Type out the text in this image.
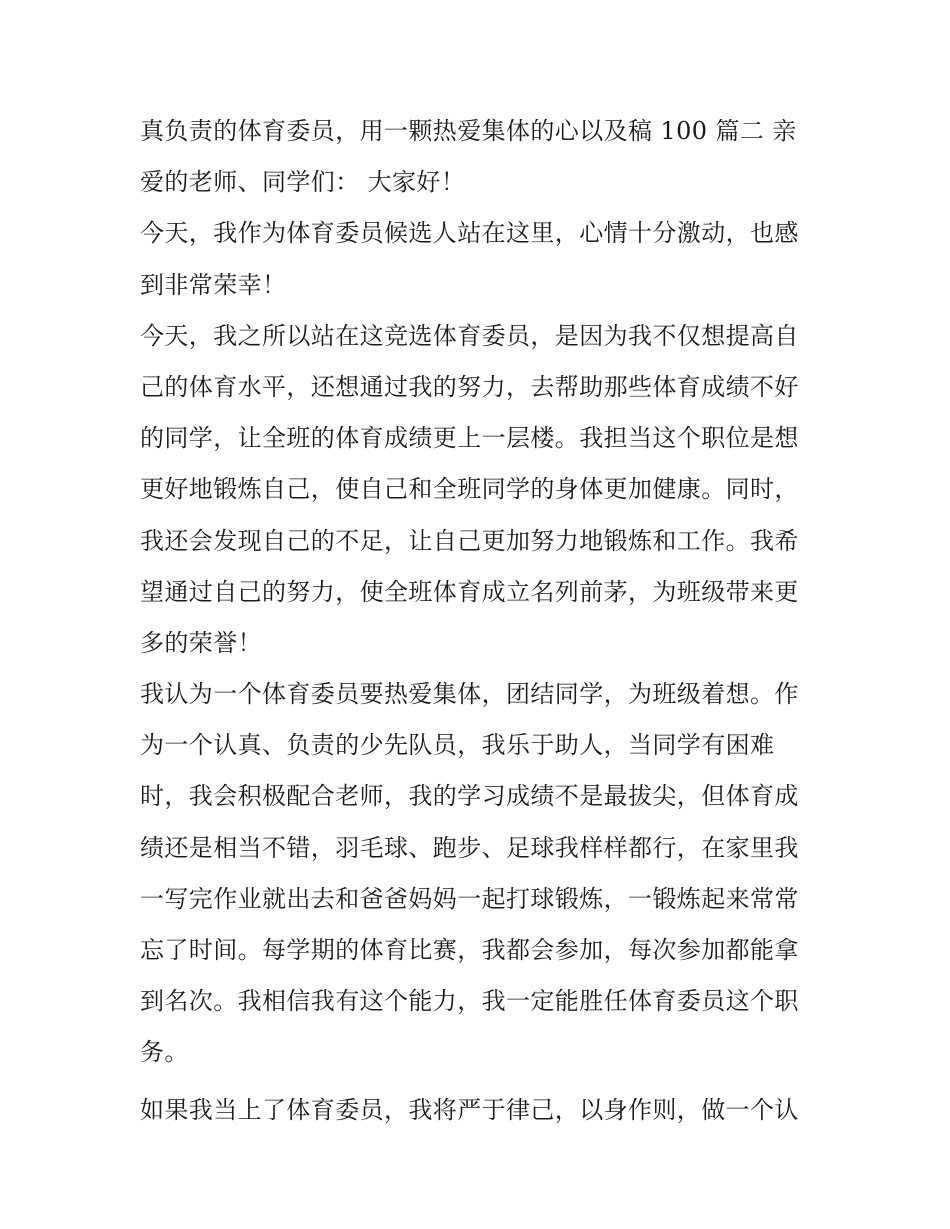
真负责的体育委员，用一颗热爱集体的心以及稿 100 篇二 亲
爱的老师、同学们： 大家好！
今天，我作为体育委员候选人站在这里，心情十分激动，也感
到非常荣幸！
今天，我之所以站在这竞选体育委员，是因为我不仅想提高自
己的体育水平，还想通过我的努力，去帮助那些体育成绩不好
的同学，让全班的体育成绩更上一层楼。我担当这个职位是想
更好地锻炼自己，使自己和全班同学的身体更加健康。同时，
我还会发现自己的不足，让自己更加努力地锻炼和工作。我希
望通过自己的努力，使全班体育成立名列前茅，为班级带来更
多的荣誉！
我认为一个体育委员要热爱集体，团结同学，为班级着想。作
为一个认真、负责的少先队员，我乐于助人，当同学有困难
时，我会积极配合老师，我的学习成绩不是最拔尖，但体育成
绩还是相当不错，羽毛球、跑步、足球我样样都行，在家里我
一写完作业就出去和爸爸妈妈一起打球锻炼，一锻炼起来常常
忘了时间。每学期的体育比赛，我都会参加，每次参加都能拿
到名次。我相信我有这个能力，我一定能胜任体育委员这个职
务。
如果我当上了体育委员，我将严于律己，以身作则，做一个认
